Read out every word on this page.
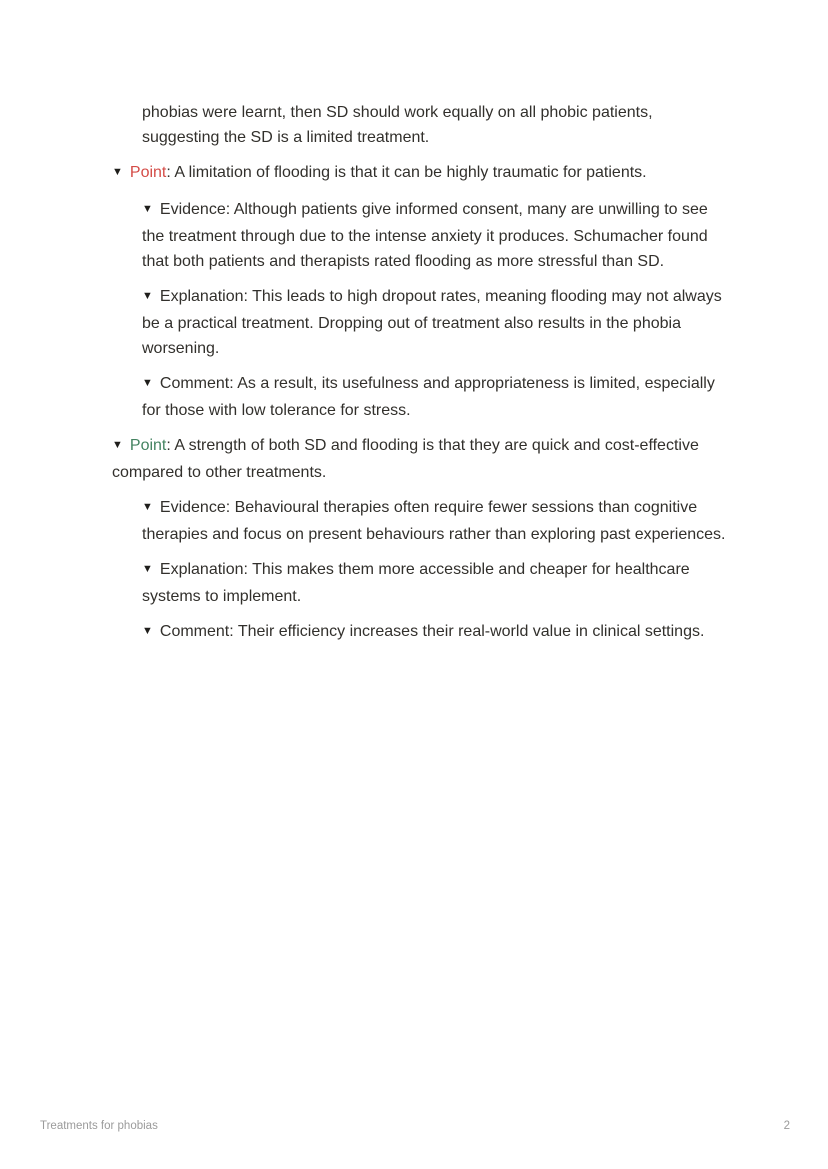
phobias were learnt, then SD should work equally on all phobic patients, suggesting the SD is a limited treatment.

▼ Point: A limitation of flooding is that it can be highly traumatic for patients.

▼ Evidence: Although patients give informed consent, many are unwilling to see the treatment through due to the intense anxiety it produces. Schumacher found that both patients and therapists rated flooding as more stressful than SD.

▼ Explanation: This leads to high dropout rates, meaning flooding may not always be a practical treatment. Dropping out of treatment also results in the phobia worsening.

▼ Comment: As a result, its usefulness and appropriateness is limited, especially for those with low tolerance for stress.

▼ Point: A strength of both SD and flooding is that they are quick and cost-effective compared to other treatments.

▼ Evidence: Behavioural therapies often require fewer sessions than cognitive therapies and focus on present behaviours rather than exploring past experiences.

▼ Explanation: This makes them more accessible and cheaper for healthcare systems to implement.

▼ Comment: Their efficiency increases their real-world value in clinical settings.

Treatments for phobias	2
